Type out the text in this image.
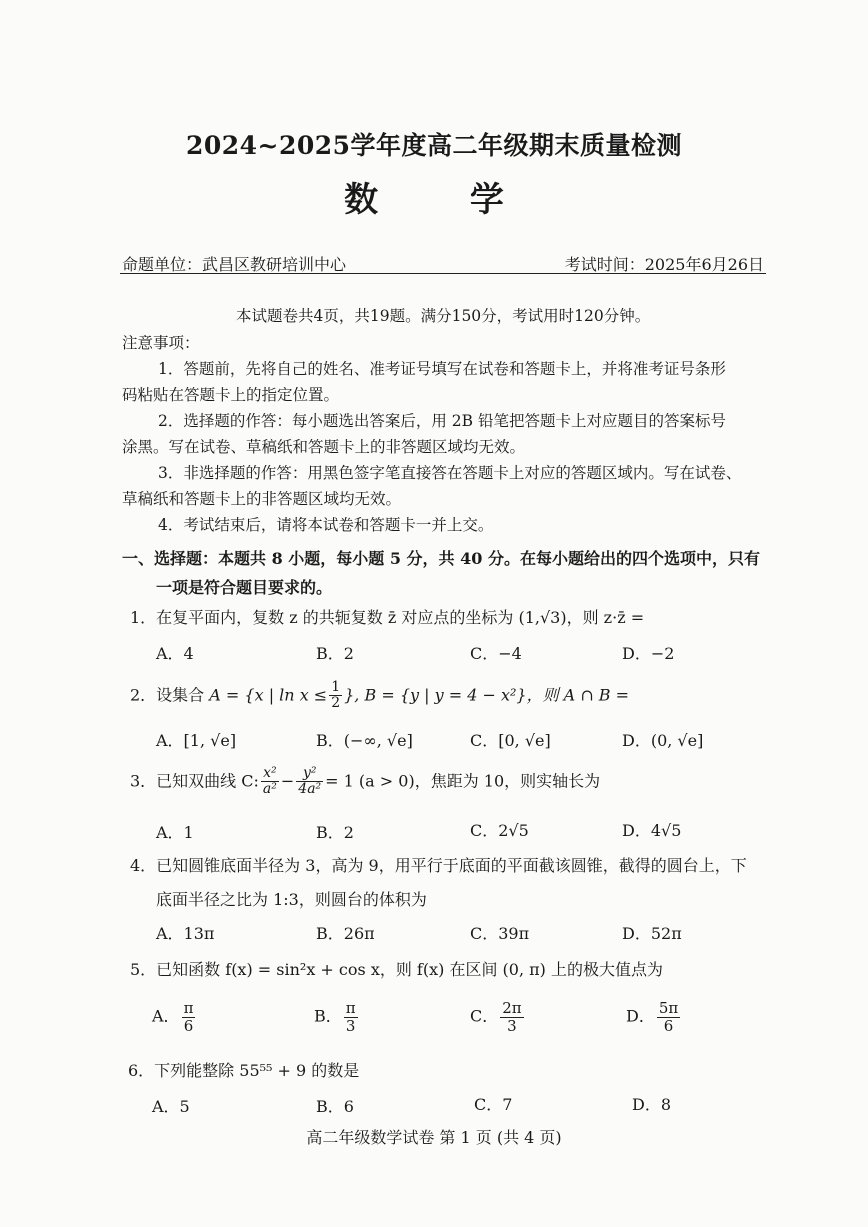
2024~2025学年度高二年级期末质量检测
数 学
命题单位：武昌区教研培训中心	考试时间：2025年6月26日
本试题卷共4页，共19题。满分150分，考试用时120分钟。
注意事项：
1．答题前，先将自己的姓名、准考证号填写在试卷和答题卡上，并将准考证号条形
码粘贴在答题卡上的指定位置。
2．选择题的作答：每小题选出答案后，用 2B 铅笔把答题卡上对应题目的答案标号
涂黑。写在试卷、草稿纸和答题卡上的非答题区域均无效。
3．非选择题的作答：用黑色签字笔直接答在答题卡上对应的答题区域内。写在试卷、
草稿纸和答题卡上的非答题区域均无效。
4．考试结束后，请将本试卷和答题卡一并上交。
一、选择题：本题共 8 小题，每小题 5 分，共 40 分。在每小题给出的四个选项中，只有
一项是符合题目要求的。
1．在复平面内，复数 z 的共轭复数 z̄ 对应点的坐标为 (1,√3)，则 z·z̄ =
A．4	B．2	C．−4	D．−2
2．设集合 A = {x | $\ln x \le \frac{1}{2}$ }, B = {y | y = 4 − x²}，则 A ∩ B =
A．[1, √e]	B．(−∞, √e]	C．[0, √e]	D．(0, √e]
3．已知双曲线 C: $\frac{\text{x²}}{\text{a²}} - \frac{\text{y²}}{\text{4a²}} = 1$ (a > 0)，焦距为 10，则实轴长为
A．1	B．2	C．2√5	D．4√5
4．已知圆锥底面半径为 3，高为 9，用平行于底面的平面截该圆锥，截得的圆台上，下
底面半径之比为 1:3，则圆台的体积为
A．13π	B．26π	C．39π	D．52π
5．已知函数 f(x) = sin²x + cos x，则 f(x) 在区间 (0, π) 上的极大值点为
A． $\frac{\pi}{6}$	B． $\frac{\pi}{3}$	C． $\frac{2\pi}{3}$	D． $\frac{5\pi}{6}$
6．下列能整除 55⁵⁵ + 9 的数是
A．5	B．6	C．7	D．8
高二年级数学试卷 第 1 页 (共 4 页)
